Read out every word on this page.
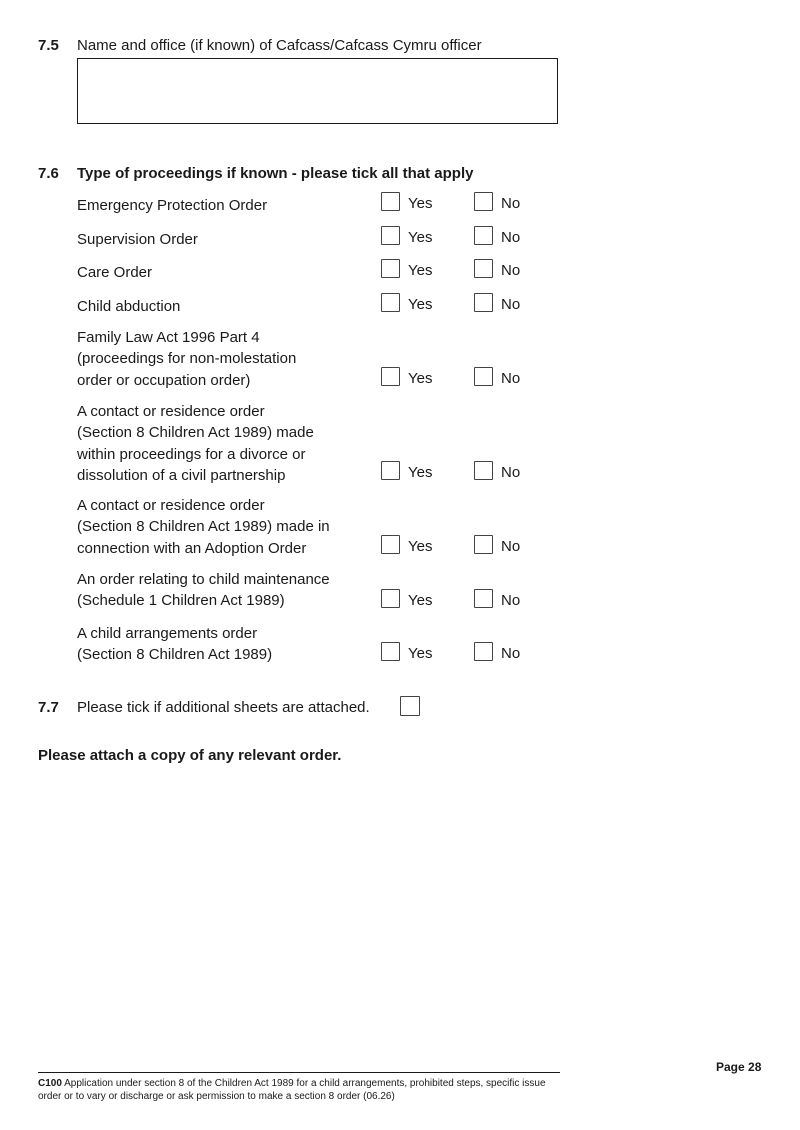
7.5 Name and office (if known) of Cafcass/Cafcass Cymru officer
7.6 Type of proceedings if known - please tick all that apply
Emergency Protection Order	Yes	No
Supervision Order	Yes	No
Care Order	Yes	No
Child abduction	Yes	No
Family Law Act 1996 Part 4
(proceedings for non-molestation
order or occupation order)	Yes	No
A contact or residence order
(Section 8 Children Act 1989) made
within proceedings for a divorce or
dissolution of a civil partnership	Yes	No
A contact or residence order
(Section 8 Children Act 1989) made in
connection with an Adoption Order	Yes	No
An order relating to child maintenance
(Schedule 1 Children Act 1989)	Yes	No
A child arrangements order
(Section 8 Children Act 1989)	Yes	No
7.7 Please tick if additional sheets are attached.
Please attach a copy of any relevant order.
C100 Application under section 8 of the Children Act 1989 for a child arrangements, prohibited steps, specific issue order or to vary or discharge or ask permission to make a section 8 order (06.26)
Page 28
